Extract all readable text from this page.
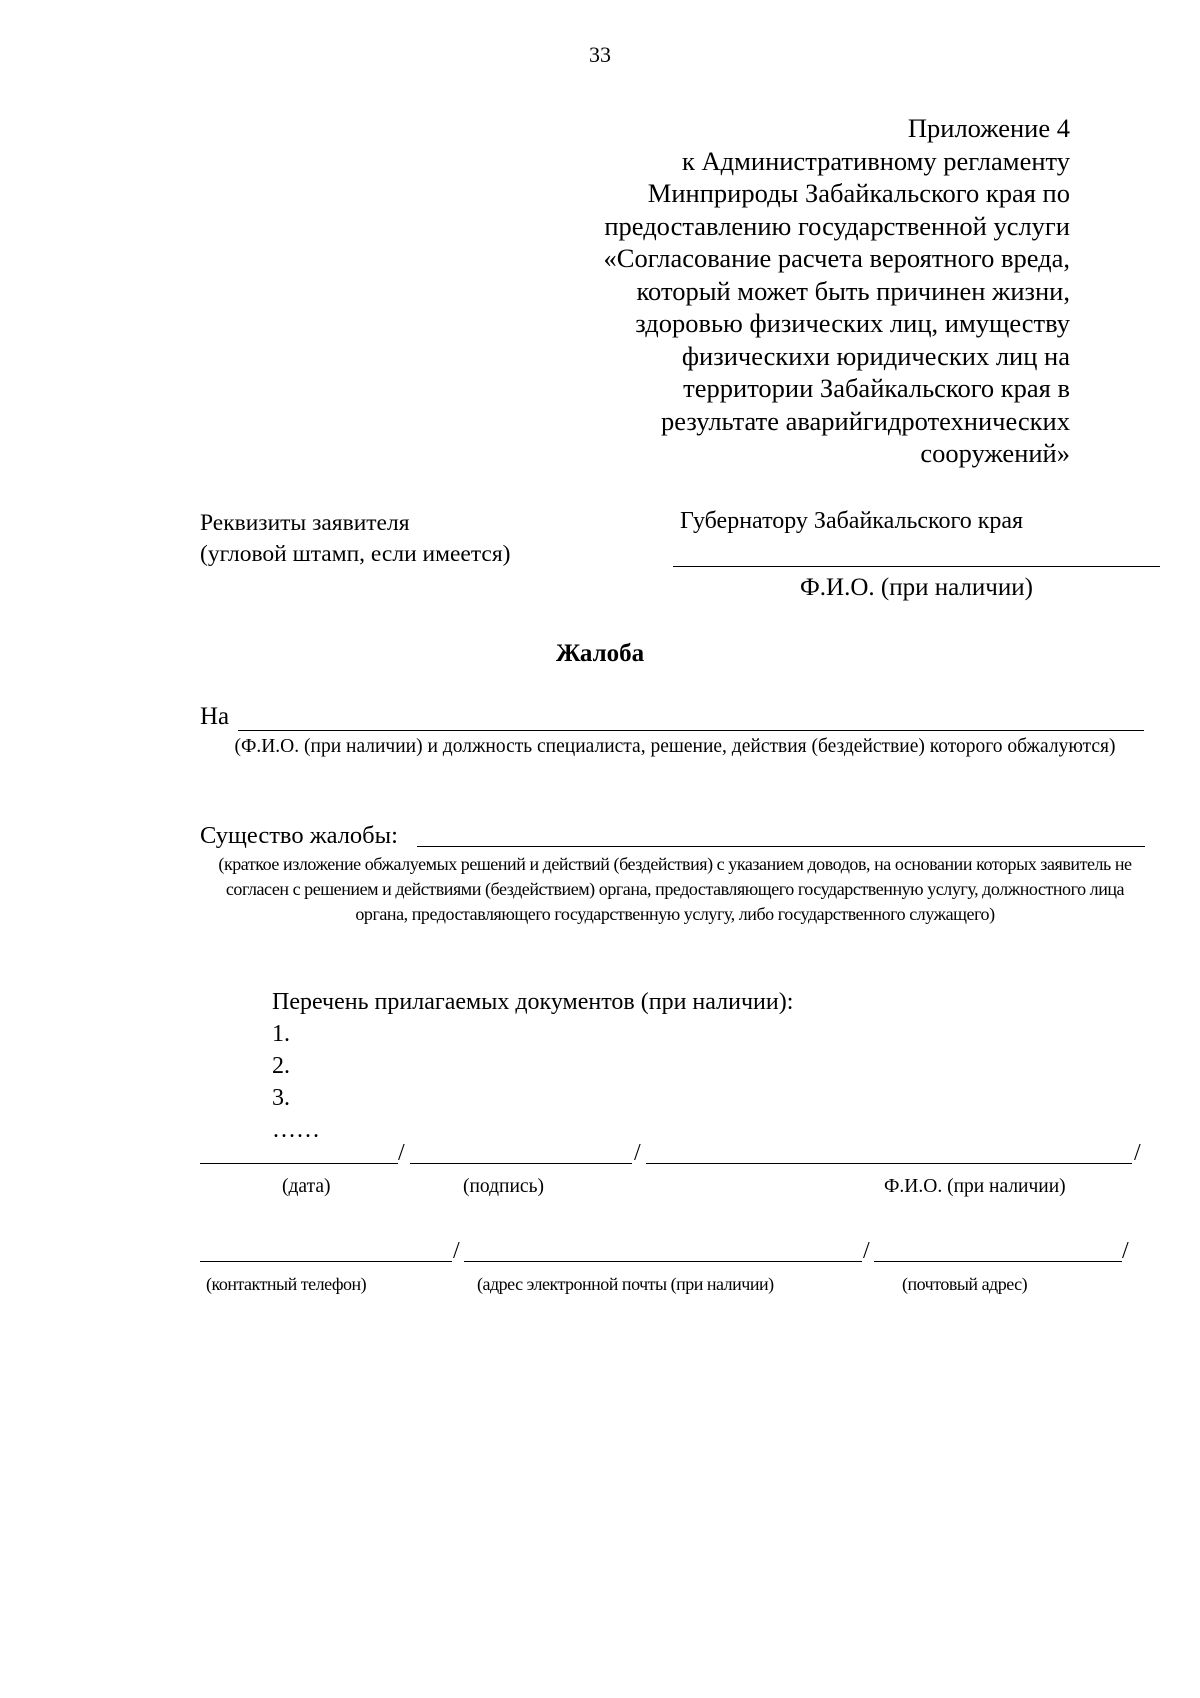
33
Приложение 4
к Административному регламенту
Минприроды Забайкальского края по
предоставлению государственной услуги
«Согласование расчета вероятного вреда,
который может быть причинен жизни,
здоровью физических лиц, имуществу
физическихи юридических лиц на
территории Забайкальского края в
результате аварийгидротехнических
сооружений»
Реквизиты заявителя
(угловой штамп, если имеется)
Губернатору Забайкальского края
Ф.И.О. (при наличии)
Жалоба
На
(Ф.И.О. (при наличии) и должность специалиста, решение, действия (бездействие) которого обжалуются)
Существо жалобы:
(краткое изложение обжалуемых решений и действий (бездействия) с указанием доводов, на основании которых заявитель не согласен с решением и действиями (бездействием) органа, предоставляющего государственную услугу, должностного лица органа, предоставляющего государственную услугу, либо государственного служащего)
Перечень прилагаемых документов (при наличии):
1.
2.
3.
……
/	/	/
(дата)	(подпись)	Ф.И.О. (при наличии)
/	/	/
(контактный телефон)	(адрес электронной почты (при наличии)	(почтовый адрес)
